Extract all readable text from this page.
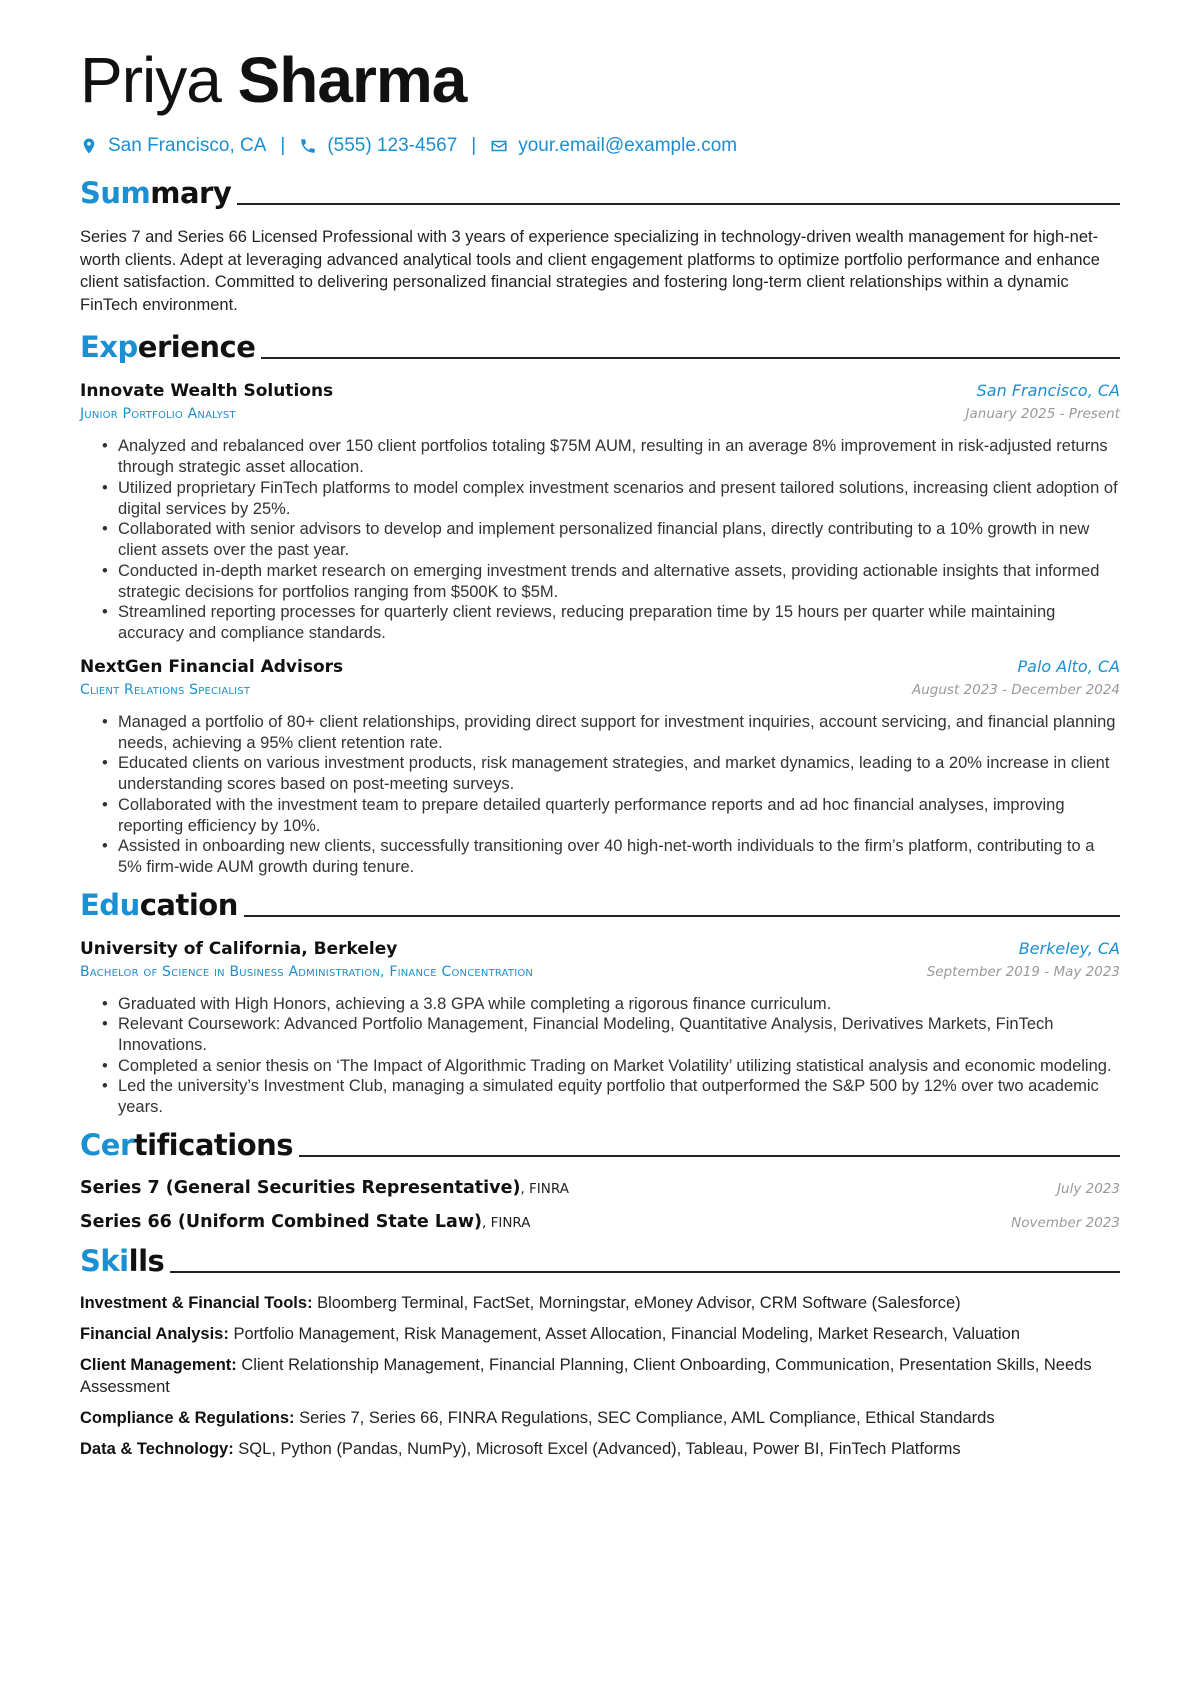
Priya Sharma
San Francisco, CA | (555) 123-4567 | your.email@example.com
Summary

Series 7 and Series 66 Licensed Professional with 3 years of experience specializing in technology-driven wealth management for high-net-worth clients. Adept at leveraging advanced analytical tools and client engagement platforms to optimize portfolio performance and enhance client satisfaction. Committed to delivering personalized financial strategies and fostering long-term client relationships within a dynamic FinTech environment.

Experience
Innovate Wealth Solutions	San Francisco, CA
Junior Portfolio Analyst	January 2025 - Present
• Analyzed and rebalanced over 150 client portfolios totaling $75M AUM, resulting in an average 8% improvement in risk-adjusted returns through strategic asset allocation.
• Utilized proprietary FinTech platforms to model complex investment scenarios and present tailored solutions, increasing client adoption of digital services by 25%.
• Collaborated with senior advisors to develop and implement personalized financial plans, directly contributing to a 10% growth in new client assets over the past year.
• Conducted in-depth market research on emerging investment trends and alternative assets, providing actionable insights that informed strategic decisions for portfolios ranging from $500K to $5M.
• Streamlined reporting processes for quarterly client reviews, reducing preparation time by 15 hours per quarter while maintaining accuracy and compliance standards.
NextGen Financial Advisors	Palo Alto, CA
Client Relations Specialist	August 2023 - December 2024
• Managed a portfolio of 80+ client relationships, providing direct support for investment inquiries, account servicing, and financial planning needs, achieving a 95% client retention rate.
• Educated clients on various investment products, risk management strategies, and market dynamics, leading to a 20% increase in client understanding scores based on post-meeting surveys.
• Collaborated with the investment team to prepare detailed quarterly performance reports and ad hoc financial analyses, improving reporting efficiency by 10%.
• Assisted in onboarding new clients, successfully transitioning over 40 high-net-worth individuals to the firm’s platform, contributing to a 5% firm-wide AUM growth during tenure.
Education
University of California, Berkeley	Berkeley, CA
Bachelor of Science in Business Administration, Finance Concentration	September 2019 - May 2023
• Graduated with High Honors, achieving a 3.8 GPA while completing a rigorous finance curriculum.
• Relevant Coursework: Advanced Portfolio Management, Financial Modeling, Quantitative Analysis, Derivatives Markets, FinTech Innovations.
• Completed a senior thesis on ‘The Impact of Algorithmic Trading on Market Volatility’ utilizing statistical analysis and economic modeling.
• Led the university’s Investment Club, managing a simulated equity portfolio that outperformed the S&P 500 by 12% over two academic years.
Certifications
Series 7 (General Securities Representative), FINRA	July 2023
Series 66 (Uniform Combined State Law), FINRA	November 2023
Skills

Investment & Financial Tools: Bloomberg Terminal, FactSet, Morningstar, eMoney Advisor, CRM Software (Salesforce)

Financial Analysis: Portfolio Management, Risk Management, Asset Allocation, Financial Modeling, Market Research, Valuation

Client Management: Client Relationship Management, Financial Planning, Client Onboarding, Communication, Presentation Skills, Needs Assessment

Compliance & Regulations: Series 7, Series 66, FINRA Regulations, SEC Compliance, AML Compliance, Ethical Standards

Data & Technology: SQL, Python (Pandas, NumPy), Microsoft Excel (Advanced), Tableau, Power BI, FinTech Platforms
